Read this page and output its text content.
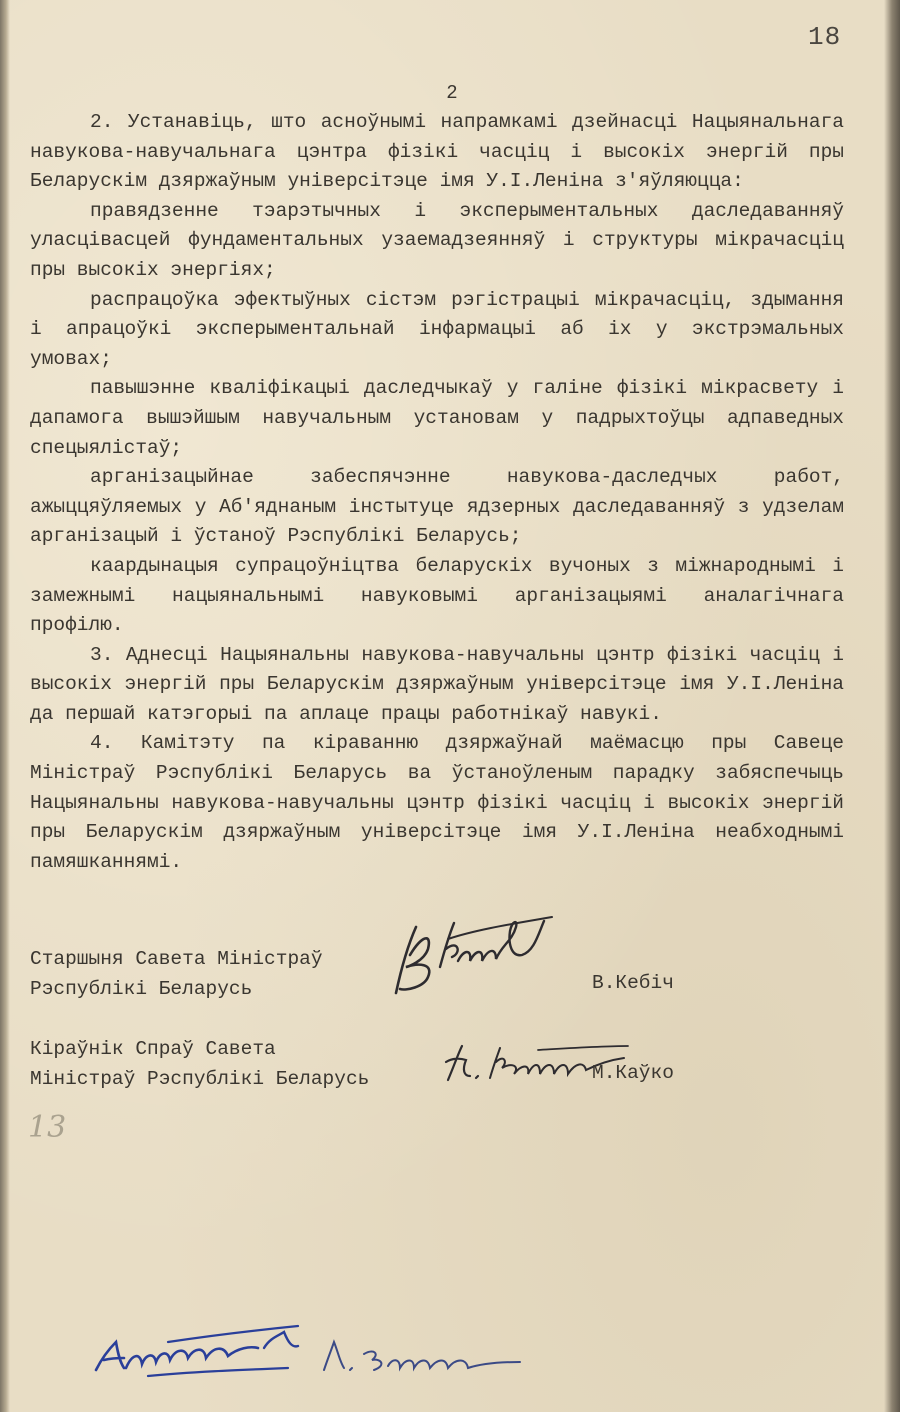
18
2

2. Устанавіць, што асноўнымі напрамкамі дзейнасці Нацыянальнага навукова-навучальнага цэнтра фізікі часціц і высокіх энергій пры Беларускім дзяржаўным універсітэце імя У.І.Леніна з'яўляюцца:

правядзенне тэарэтычных і эксперыментальных даследаванняў уласцівасцей фундаментальных узаемадзеянняў і структуры мікрачасціц пры высокіх энергіях;

распрацоўка эфектыўных сістэм рэгістрацыі мікрачасціц, здымання і апрацоўкі эксперыментальнай інфармацыі аб іх у экстрэмальных умовах;

павышэнне кваліфікацыі даследчыкаў у галіне фізікі мікрасвету і дапамога вышэйшым навучальным установам у падрыхтоўцы адпаведных спецыялістаў;

арганізацыйнае забеспячэнне навукова-даследчых работ, ажыццяўляемых у Аб'яднаным інстытуце ядзерных даследаванняў з удзелам арганізацый і ўстаноў Рэспублікі Беларусь;

каардынацыя супрацоўніцтва беларускіх вучоных з міжнароднымі і замежнымі нацыянальнымі навуковымі арганізацыямі аналагічнага профілю.

3. Аднесці Нацыянальны навукова-навучальны цэнтр фізікі часціц і высокіх энергій пры Беларускім дзяржаўным універсітэце імя У.І.Леніна да першай катэгорыі па аплаце працы работнікаў навукі.

4. Камітэту па кіраванню дзяржаўнай маёмасцю пры Савеце Міністраў Рэспублікі Беларусь ва ўстаноўленым парадку забяспечыць Нацыянальны навукова-навучальны цэнтр фізікі часціц і высокіх энергій пры Беларускім дзяржаўным універсітэце імя У.І.Леніна неабходнымі памяшканнямі.

Старшыня Савета Міністраў
Рэспублікі Беларусь	В.Кебіч
Кіраўнік Спраў Савета
Міністраў Рэспублікі Беларусь	М.Каўко
13
